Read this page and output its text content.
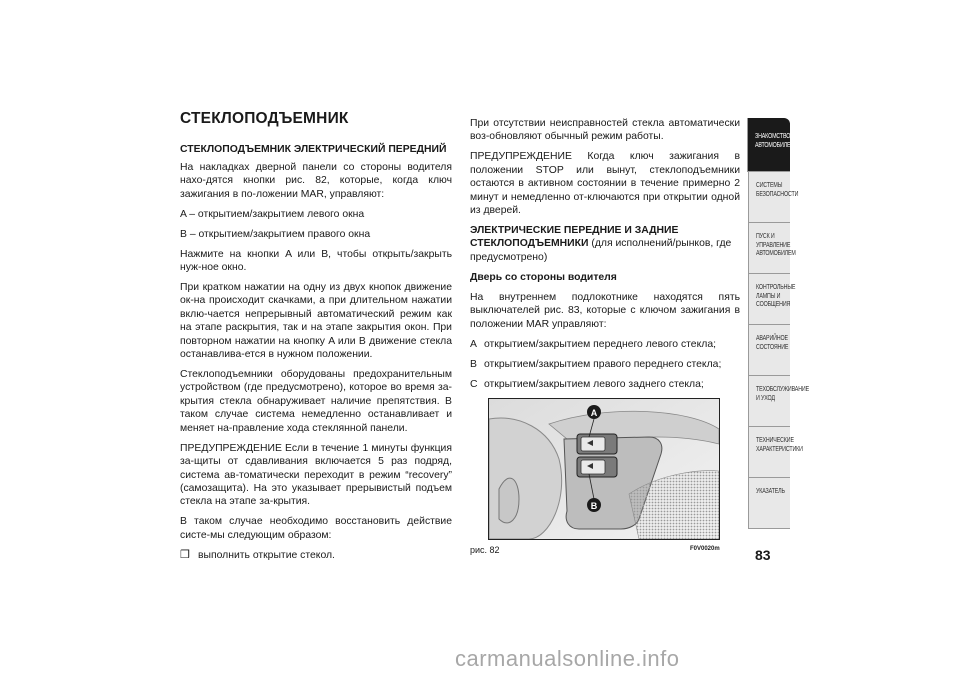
СТЕКЛОПОДЪЕМНИК
СТЕКЛОПОДЪЕМНИК ЭЛЕКТРИЧЕСКИЙ ПЕРЕДНИЙ

На накладках дверной панели со стороны водителя нахо-дятся кнопки рис. 82, которые, когда ключ зажигания в по-ложении MAR, управляют:

A – открытием/закрытием левого окна

B – открытием/закрытием правого окна

Нажмите на кнопки A или B, чтобы открыть/закрыть нуж-ное окно.

При кратком нажатии на одну из двух кнопок движение ок-на происходит скачками, а при длительном нажатии вклю-чается непрерывный автоматический режим как на этапе раскрытия, так и на этапе закрытия окон. При повторном нажатии на кнопку A или B движение стекла останавлива-ется в нужном положении.

Стеклоподъемники оборудованы предохранительным устройством (где предусмотрено), которое во время за-крытия стекла обнаруживает наличие препятствия. В таком случае система немедленно останавливает и меняет на-правление хода стеклянной панели.

ПРЕДУПРЕЖДЕНИЕ Если в течение 1 минуты функция за-щиты от сдавливания включается 5 раз подряд, система ав-томатически переходит в режим “recovery” (самозащита). На это указывает прерывистый подъем стекла на этапе за-крытия.

В таком случае необходимо восстановить действие систе-мы следующим образом:

❒ выполнить открытие стекол.

При отсутствии неисправностей стекла автоматически воз-обновляют обычный режим работы.

ПРЕДУПРЕЖДЕНИЕ Когда ключ зажигания в положении STOP или вынут, стеклоподъемники остаются в активном состоянии в течение примерно 2 минут и немедленно от-ключаются при открытии одной из дверей.

ЭЛЕКТРИЧЕСКИЕ ПЕРЕДНИЕ И ЗАДНИЕ
СТЕКЛОПОДЪЕМНИКИ (для исполнений/рынков, где предусмотрено)

Дверь со стороны водителя

На внутреннем подлокотнике находятся пять выключателей рис. 83, которые с ключом зажигания в положении MAR управляют:

A открытием/закрытием переднего левого стекла;
B открытием/закрытием правого переднего стекла;
C открытием/закрытием левого заднего стекла;
A
B
рис. 82	F0V0020m
ЗНАКОМСТВО С АВТОМОБИЛЕМ
СИСТЕМЫ БЕЗОПАСНОСТИ
ПУСК И УПРАВЛЕНИЕ АВТОМОБИЛЕМ
КОНТРОЛЬНЫЕ ЛАМПЫ И СООБЩЕНИЯ
АВАРИЙНОЕ СОСТОЯНИЕ
ТЕХОБСЛУЖИВАНИЕ И УХОД
ТЕХНИЧЕСКИЕ ХАРАКТЕРИСТИКИ
УКАЗАТЕЛЬ
83
carmanualsonline.info
